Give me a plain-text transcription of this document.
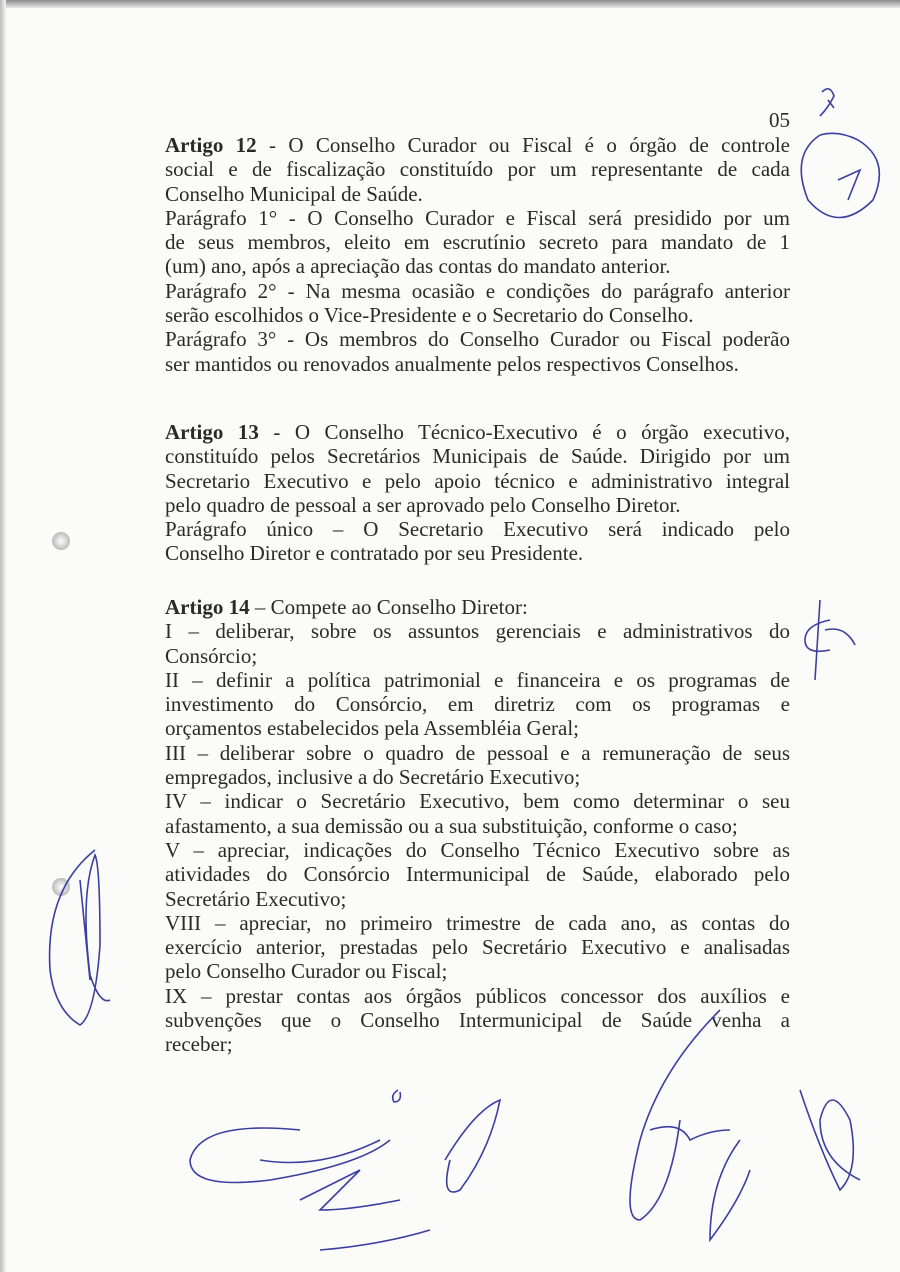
05
Artigo 12 - O Conselho Curador ou Fiscal é o órgão de controle
social e de fiscalização constituído por um representante de cada
Conselho Municipal de Saúde.
Parágrafo 1° - O Conselho Curador e Fiscal será presidido por um
de seus membros, eleito em escrutínio secreto para mandato de 1
(um) ano, após a apreciação das contas do mandato anterior.
Parágrafo 2° - Na mesma ocasião e condições do parágrafo anterior
serão escolhidos o Vice-Presidente e o Secretario do Conselho.
Parágrafo 3° - Os membros do Conselho Curador ou Fiscal poderão
ser mantidos ou renovados anualmente pelos respectivos Conselhos.
Artigo 13 - O Conselho Técnico-Executivo é o órgão executivo,
constituído pelos Secretários Municipais de Saúde. Dirigido por um
Secretario Executivo e pelo apoio técnico e administrativo integral
pelo quadro de pessoal a ser aprovado pelo Conselho Diretor.
Parágrafo único – O Secretario Executivo será indicado pelo
Conselho Diretor e contratado por seu Presidente.
Artigo 14 – Compete ao Conselho Diretor:
I – deliberar, sobre os assuntos gerenciais e administrativos do
Consórcio;
II – definir a política patrimonial e financeira e os programas de
investimento do Consórcio, em diretriz com os programas e
orçamentos estabelecidos pela Assembléia Geral;
III – deliberar sobre o quadro de pessoal e a remuneração de seus
empregados, inclusive a do Secretário Executivo;
IV – indicar o Secretário Executivo, bem como determinar o seu
afastamento, a sua demissão ou a sua substituição, conforme o caso;
V – apreciar, indicações do Conselho Técnico Executivo sobre as
atividades do Consórcio Intermunicipal de Saúde, elaborado pelo
Secretário Executivo;
VIII – apreciar, no primeiro trimestre de cada ano, as contas do
exercício anterior, prestadas pelo Secretário Executivo e analisadas
pelo Conselho Curador ou Fiscal;
IX – prestar contas aos órgãos públicos concessor dos auxílios e
subvenções que o Conselho Intermunicipal de Saúde venha a
receber;
